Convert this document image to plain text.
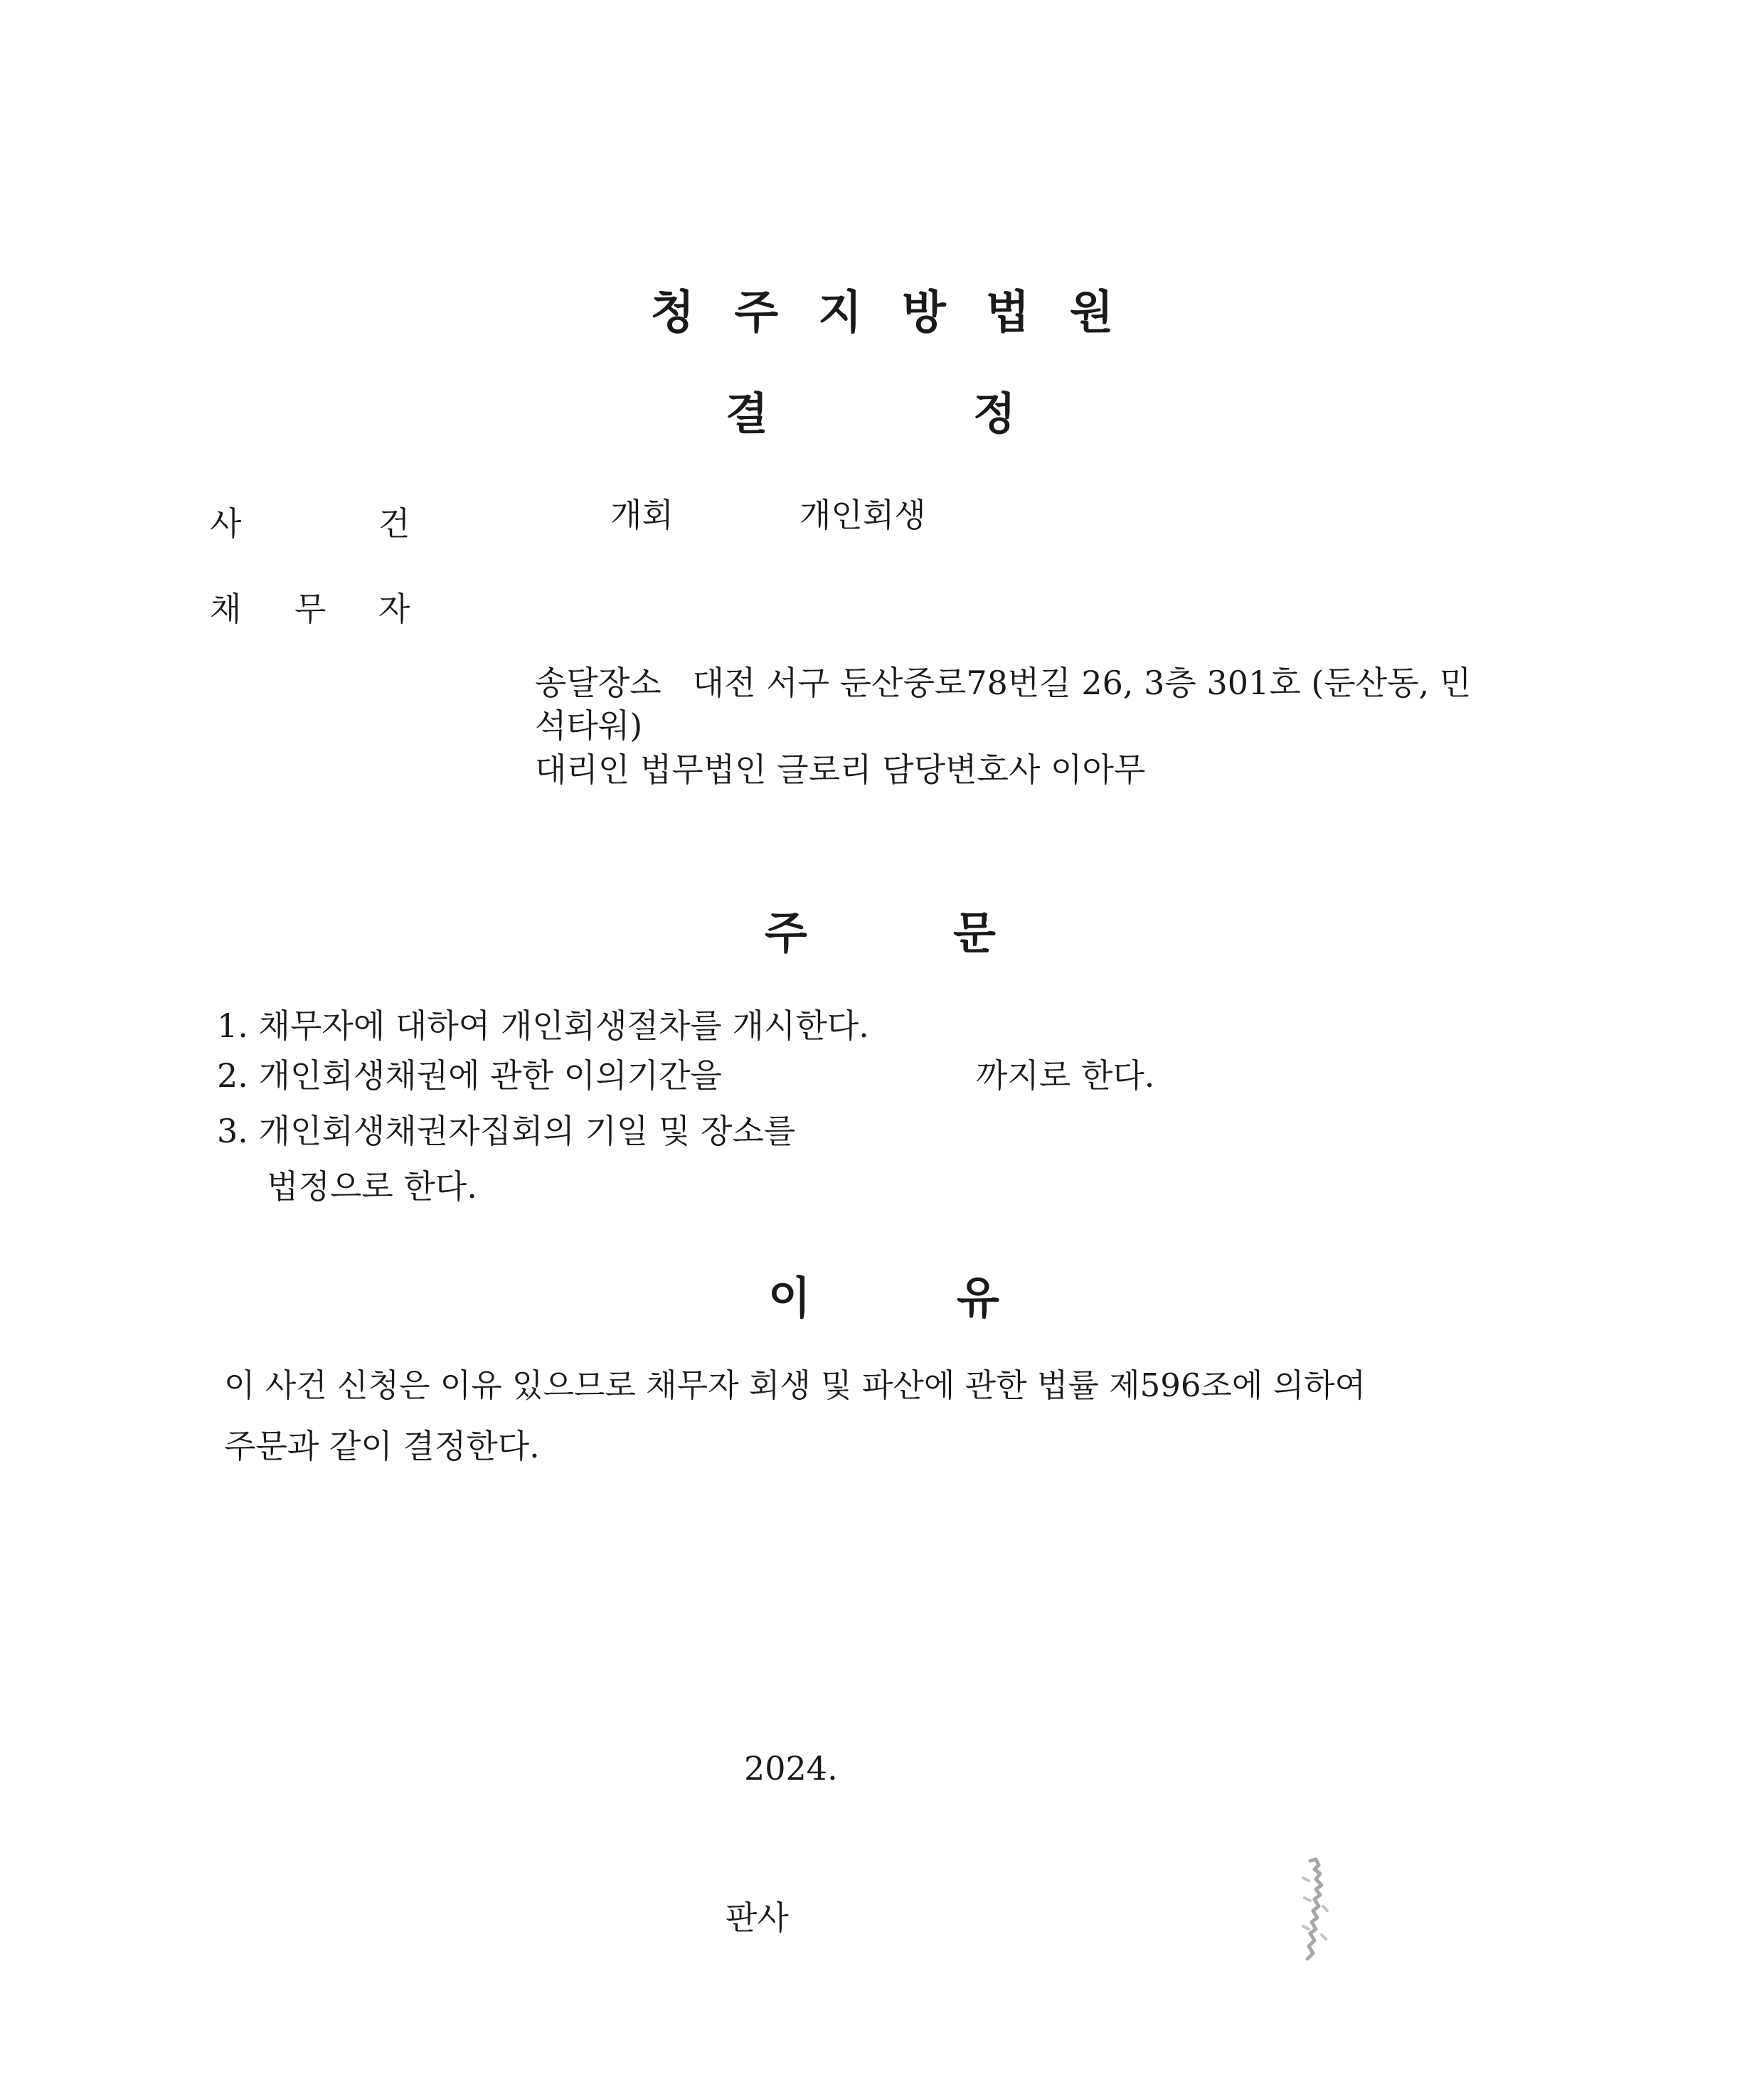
청주지방법원
결	정
사	건	개회	개인회생
채 무 자
송달장소   대전 서구 둔산중로78번길 26, 3층 301호 (둔산동, 민
석타워)
대리인 법무법인 글로리 담당변호사 이아무
주	문
1. 채무자에 대하여 개인회생절차를 개시한다.
2. 개인회생채권에 관한 이의기간을	까지로 한다.
3. 개인회생채권자집회의 기일 및 장소를
법정으로 한다.
이	유
이 사건 신청은 이유 있으므로 채무자 회생 및 파산에 관한 법률 제596조에 의하여
주문과 같이 결정한다.
2024.
판사
